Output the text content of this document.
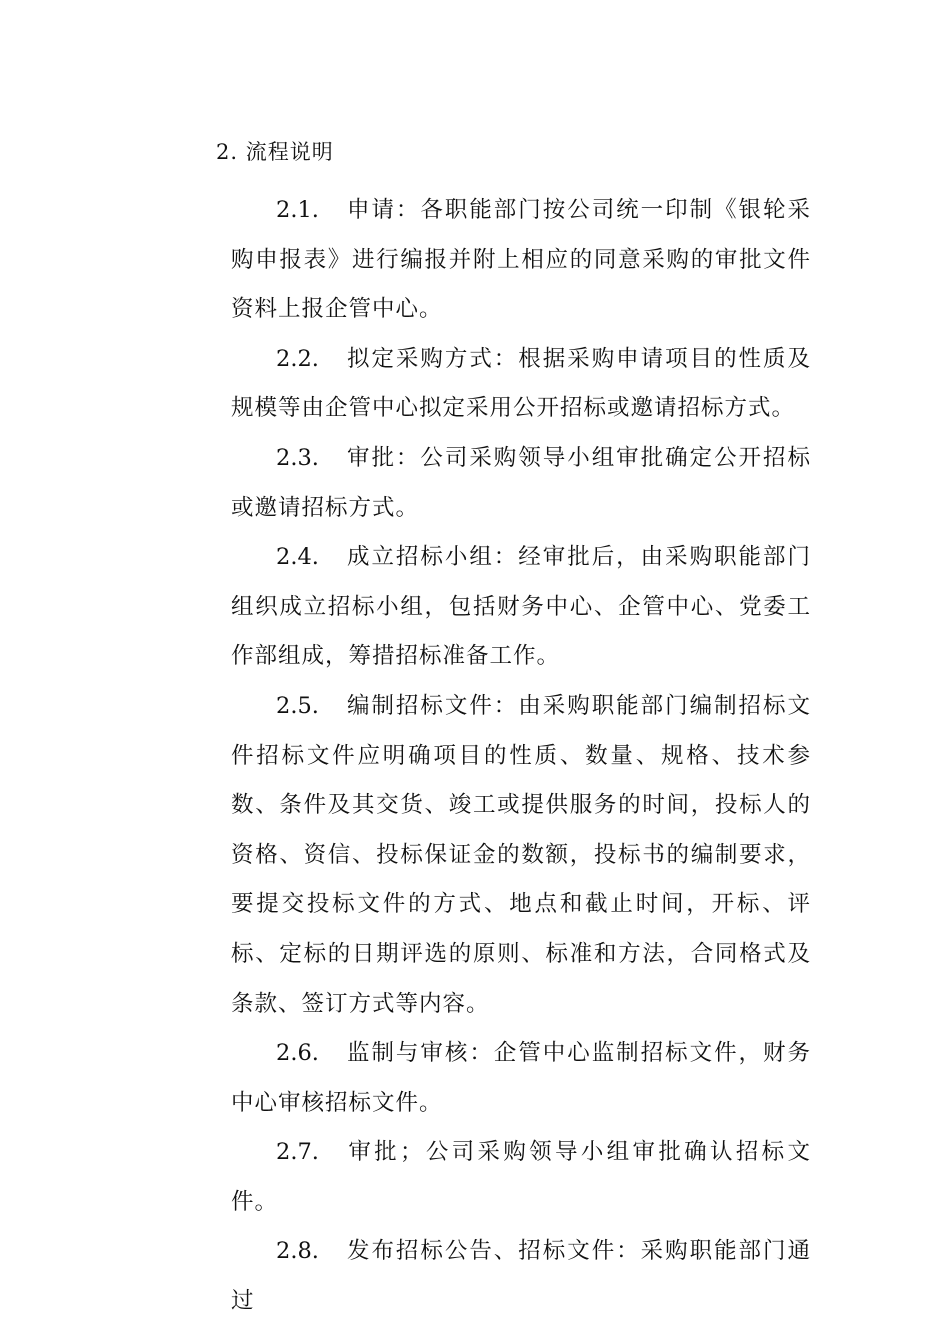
2. 流程说明

2.1. 申请：各职能部门按公司统一印制《银轮采购申报表》进行编报并附上相应的同意采购的审批文件资料上报企管中心。

2.2. 拟定采购方式：根据采购申请项目的性质及规模等由企管中心拟定采用公开招标或邀请招标方式。

2.3. 审批：公司采购领导小组审批确定公开招标或邀请招标方式。

2.4. 成立招标小组：经审批后，由采购职能部门组织成立招标小组，包括财务中心、企管中心、党委工作部组成，筹措招标准备工作。

2.5. 编制招标文件：由采购职能部门编制招标文件招标文件应明确项目的性质、数量、规格、技术参数、条件及其交货、竣工或提供服务的时间，投标人的资格、资信、投标保证金的数额，投标书的编制要求，要提交投标文件的方式、地点和截止时间，开标、评标、定标的日期评选的原则、标准和方法，合同格式及条款、签订方式等内容。

2.6. 监制与审核：企管中心监制招标文件，财务中心审核招标文件。

2.7. 审批；公司采购领导小组审批确认招标文件。

2.8. 发布招标公告、招标文件：采购职能部门通过
